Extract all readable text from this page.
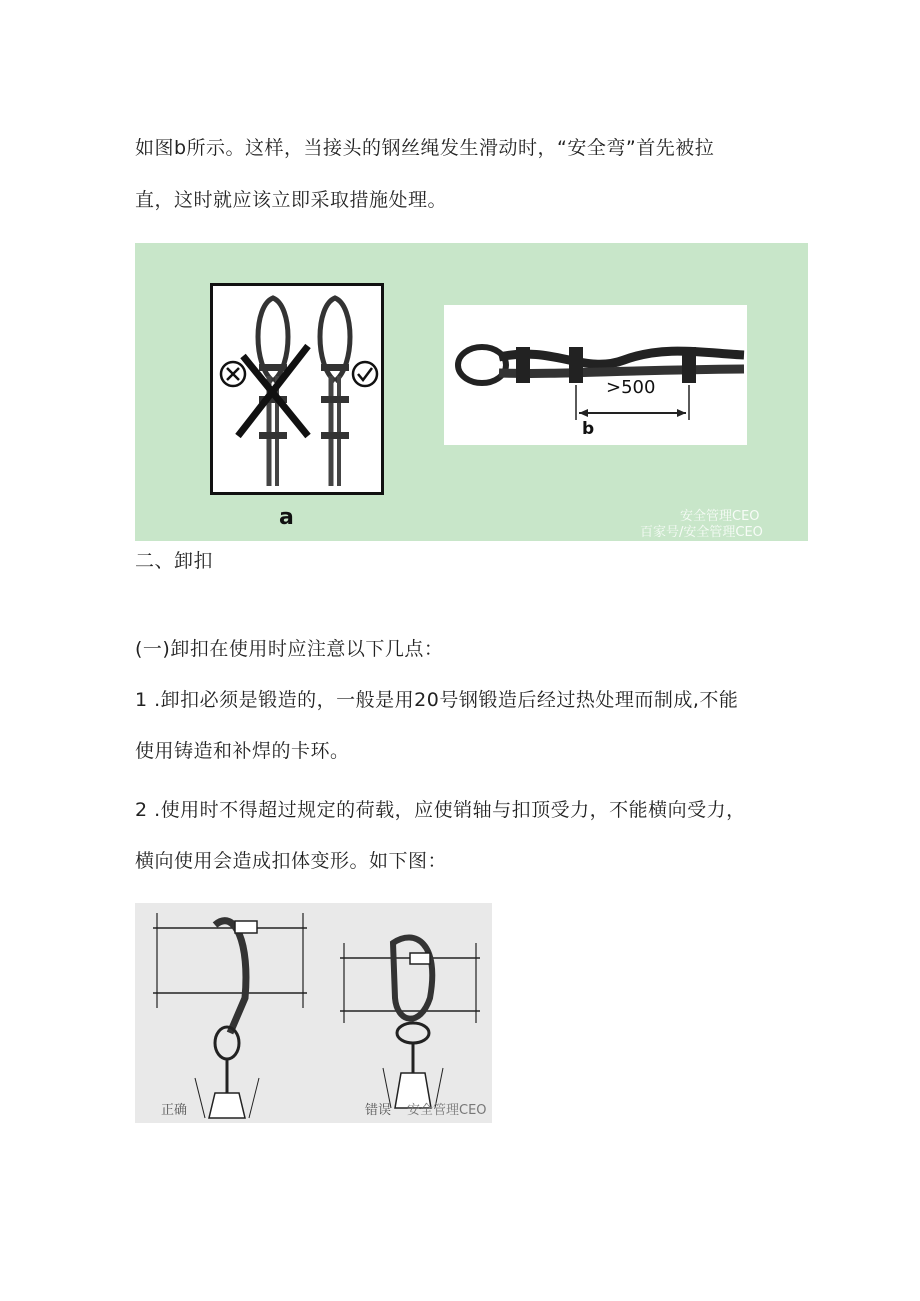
如图b所示。这样，当接头的钢丝绳发生滑动时，“安全弯”首先被拉
直，这时就应该立即采取措施处理。
a
>500
b
安全管理CEO
百家号/安全管理CEO
二、卸扣
(一)卸扣在使用时应注意以下几点：
1 .卸扣必须是锻造的，一般是用20号钢锻造后经过热处理而制成,不能
使用铸造和补焊的卡环。
2 .使用时不得超过规定的荷载，应使销轴与扣顶受力，不能横向受力，
横向使用会造成扣体变形。如下图：
正确	错误 安全管理CEO
